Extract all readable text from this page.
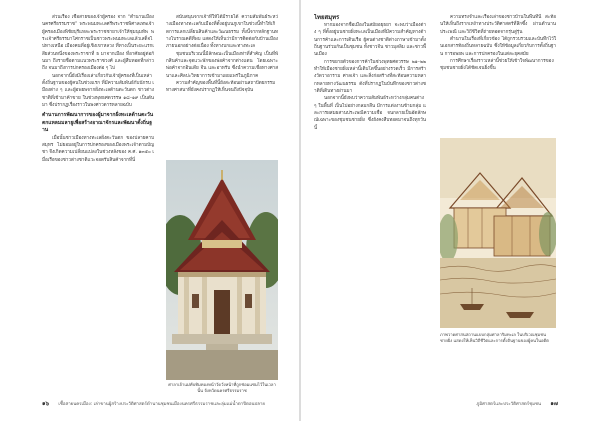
ส่วนเรื่อง เชื้อสายของเจ้าผู้ครอง จาก “ตำนานเมืองนครศรีธรรมราช” พระพนมทะเลศรีพระราชพิศาลเทพเจ้าผู้ครองเมืองพิชัยบุรีแหละพระราชชายาเจ้าให้ชุมนุมทัพ พระเจ้าศรีธรรมาโศกราชเป็นชาวพระพนมทะเลแล้วเสด็จไปทางเหนือ เมืองคนที่อยู่เชิงเขาหลวง ที่ทางเป็นระยะแรกเสียส่วนหนึ่งของพระราชาที่ ธ มาจากเมือง ที่อาศัยอยู่ต่อกันมา ถึงรายชื่อตามแนวพระราชวงศ์ และผู้สืบทอดที่กล่าวถึง จนมาถึงการปกครองเมืองต่อ ๆ ไป

นอกจากนี้ยังมีเรื่องเล่าเกี่ยวกับเจ้าผู้ครองที่เป็นเหล่าตั้งถิ่นฐานของผู้คนในช่วงแรก ที่มีความสัมพันธ์กับนักรบ เมืองต่าง ๆ และผู้อพยพจากฝั่งทะเลด้านตะวันตก ชาวต่างชาติที่เข้ามาค้าขาย ในช่วงพุทธศตวรรษ ๑๘–๑๙ เป็นต้นมา ซึ่งปรากฏเรื่องราวในพงศาวดารหลายฉบับ

ตำนานการพัฒนาการของผู้มาจากฝั่งทะเลด้านตะวันตกแหลมมลายูเพื่อสร้างอาณาจักรและพัฒนาตั้งถิ่นฐาน

เมื่อนั้นชาวเมืองทางทะเลฝั่งตะวันตก ของปลายคาบสมุทร ไม่ยอมอยู่ในการปกครองของเมืองพระเจ้าตามบัญชา จึงเกิดความเปลี่ยนแปลงในช่วงหลังของ ค.ศ. ๑๓๕๐ เมื่อเรือของชาวต่างชาติแวะจอดรับสินค้าจากที่นี่

สนับสนุนจากเจ้าที่ให้ได้มีรายได้ ความสัมพันธ์ระหว่างเมืองทางทะเลกับเมืองที่ตั้งอยู่บนภูเขาในช่วงนี้ทำให้เกิดการแลกเปลี่ยนสินค้าและวัฒนธรรม ทั้งนี้จากหลักฐานทางโบราณคดีที่พบ แสดงให้เห็นว่ามีการติดต่อกับบ้านเมืองภายนอกอย่างต่อเนื่อง ทั้งทางบกและทางทะเล

ชุมชนบริเวณนี้มีลักษณะเป็นเมืองท่าที่สำคัญ เป็นที่พักสินค้าและจุดแวะพักของพ่อค้าจากต่างแดน โดยเฉพาะพ่อค้าจากอินเดีย จีน และอาหรับ ซึ่งนำความเชื่อทางศาสนาและศิลปะวิทยาการเข้ามาเผยแพร่ในภูมิภาค

ความสำคัญของพื้นที่นี้ยังสะท้อนผ่านสถาปัตยกรรมทางศาสนาที่ยังคงปรากฏให้เห็นจนถึงปัจจุบัน

ศาลาเจ้าแม่ทับทิมทองหน้าวัดวังหน้าที่ถูกซ่อมแซมไว้ในเวลานั้น จังหวัดนครศรีธรรมราช
๑๖ เชื้อสายนครเมือง: เล่าขานผู้สร้างประวัติศาสตร์ตำนานชุมชนเมืองนครศรีธรรมราชและลุ่มแม่น้ำตาปีตอนปลาย
ไทยสมุทร

หากมองจากชื่อเมืองในสมัยอยุธยา จะพบว่าเมืองต่าง ๆ ที่ตั้งอยู่บนชายฝั่งทะเลเป็นเมืองที่มีความสำคัญทางด้านการค้าและการเดินเรือ ผู้คนต่างชาติต่างภาษาเข้ามาตั้งถิ่นฐานร่วมกันเป็นชุมชน ทั้งชาวจีน ชาวมุสลิม และชาวพื้นเมือง

การขยายตัวของการค้าในช่วงพุทธศตวรรษ ๒๑–๒๒ ทำให้เมืองชายฝั่งเหล่านี้เติบโตขึ้นอย่างรวดเร็ว มีการสร้างวัดวาอาราม ศาลเจ้า และสิ่งก่อสร้างที่สะท้อนความหลากหลายทางวัฒนธรรม ดังที่ปรากฏในบันทึกของชาวต่างชาติที่เดินทางผ่านมา

นอกจากนี้ยังพบว่าความสัมพันธ์ระหว่างกลุ่มคนต่าง ๆ ในพื้นที่ เป็นไปอย่างกลมกลืน มีการแต่งงานข้ามกลุ่ม และการผสมผสานประเพณีความเชื่อ จนกลายเป็นอัตลักษณ์เฉพาะของชุมชนชายฝั่ง ซึ่งยังคงสืบทอดมาจนถึงทุกวันนี้

ความทรงจำและเรื่องเล่าของชาวบ้านในพื้นที่นี้ สะท้อนให้เห็นถึงรากเหง้าทางประวัติศาสตร์ที่ลึกซึ้ง ผ่านตำนาน ประเพณี และวิถีชีวิตที่ถ่ายทอดจากรุ่นสู่รุ่น

ตำนานในเรื่องที่เกี่ยวข้อง ได้ถูกรวบรวมและบันทึกไว้ในเอกสารท้องถิ่นหลายฉบับ ซึ่งให้ข้อมูลเกี่ยวกับการตั้งถิ่นฐาน การอพยพ และการปกครองในแต่ละยุคสมัย

การศึกษาเรื่องราวเหล่านี้ช่วยให้เข้าใจพัฒนาการของชุมชนชายฝั่งได้ชัดเจนยิ่งขึ้น

ภาพวาดศาสนสถานแบบกลุ่มศาลาริมทะเล ในบริเวณชุมชนชายฝั่ง แสดงให้เห็นวิถีชีวิตและการตั้งถิ่นฐานของผู้คนในอดีต
ภูมิศาสตร์และประวัติศาสตร์ชุมชน ๑๗
